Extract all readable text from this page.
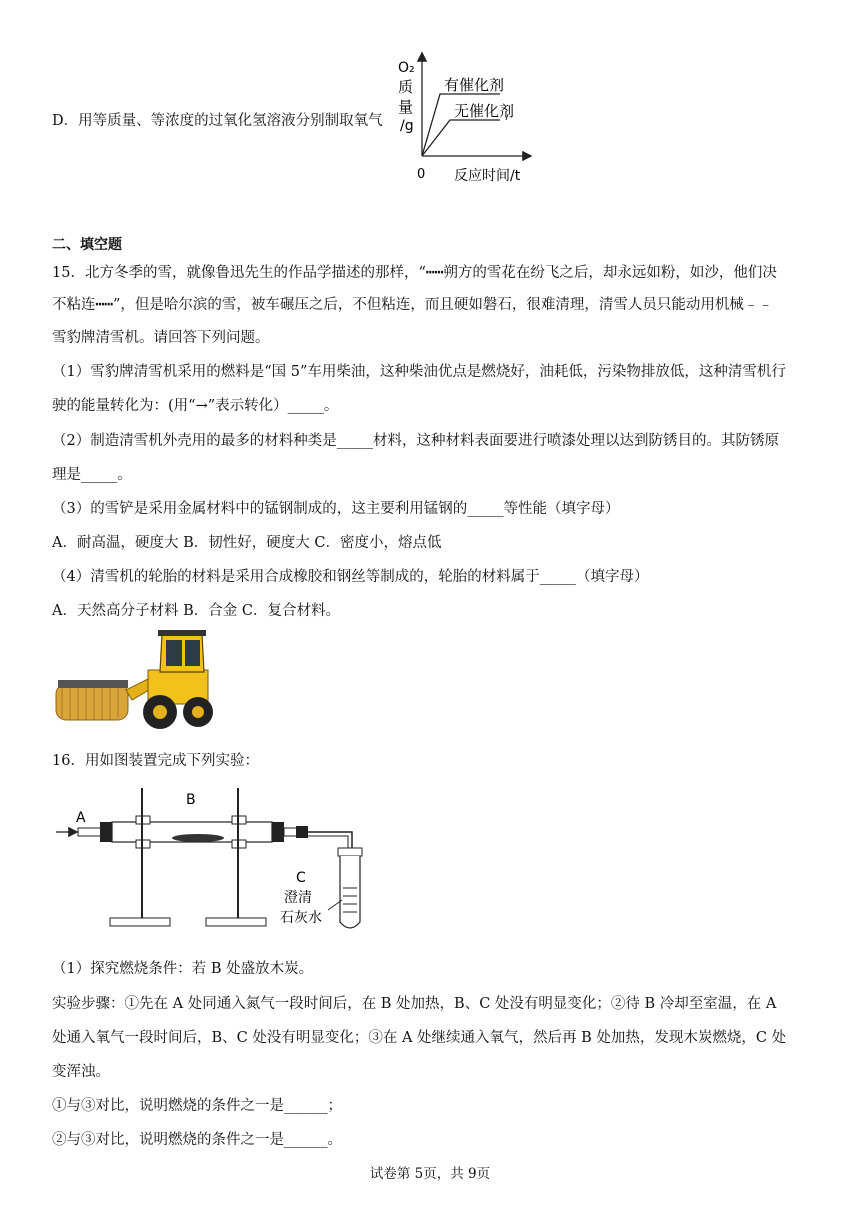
D．用等质量、等浓度的过氧化氢溶液分别制取氧气
O₂
质
量
/g
0 反应时间/t
有催化剂
无催化剂
二、填空题
15．北方冬季的雪，就像鲁迅先生的作品学描述的那样，“┅┅朔方的雪花在纷飞之后，却永远如粉，如沙，他们决
不粘连┅┅”，但是哈尔滨的雪，被车碾压之后，不但粘连，而且硬如磐石，很难清理，清雪人员只能动用机械﹣﹣
雪豹牌清雪机。请回答下列问题。
（1）雪豹牌清雪机采用的燃料是“国 5”车用柴油，这种柴油优点是燃烧好，油耗低，污染物排放低，这种清雪机行
驶的能量转化为：(用“→”表示转化）_____。
（2）制造清雪机外壳用的最多的材料种类是_____材料，这种材料表面要进行喷漆处理以达到防锈目的。其防锈原
理是_____。
（3）的雪铲是采用金属材料中的锰钢制成的，这主要利用锰钢的_____等性能（填字母）
A．耐高温，硬度大 B．韧性好，硬度大 C．密度小，熔点低
（4）清雪机的轮胎的材料是采用合成橡胶和钢丝等制成的，轮胎的材料属于_____（填字母）
A．天然高分子材料 B．合金 C．复合材料。
16．用如图装置完成下列实验：
A
B
C
澄清
石灰水
（1）探究燃烧条件：若 B 处盛放木炭。
实验步骤：①先在 A 处同通入氮气一段时间后，在 B 处加热，B、C 处没有明显变化；②待 B 冷却至室温，在 A
处通入氧气一段时间后，B、C 处没有明显变化；③在 A 处继续通入氧气，然后再 B 处加热，发现木炭燃烧，C 处
变浑浊。
①与③对比，说明燃烧的条件之一是______；
②与③对比，说明燃烧的条件之一是______。
试卷第 5页，共 9页
